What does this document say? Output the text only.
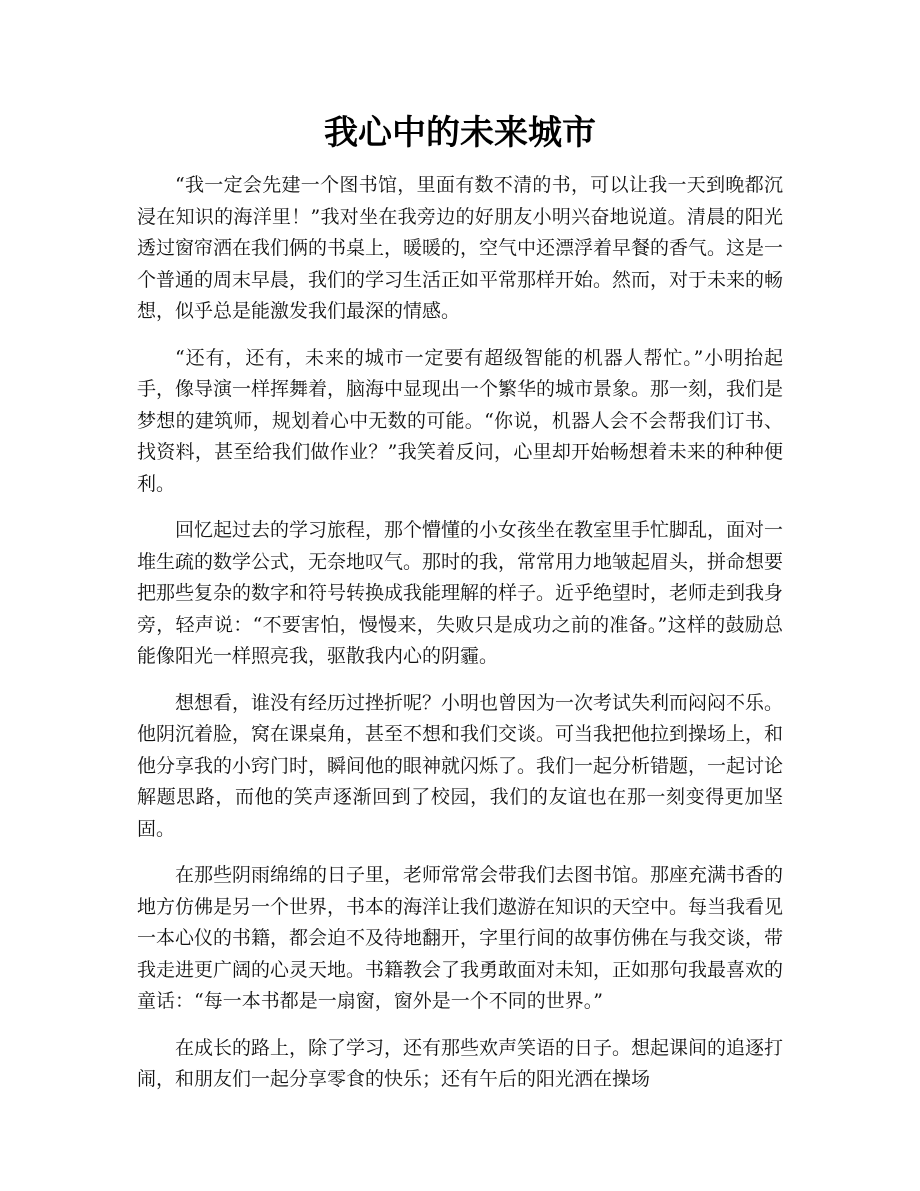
我心中的未来城市

“我一定会先建一个图书馆，里面有数不清的书，可以让我一天到晚都沉浸在知识的海洋里！”我对坐在我旁边的好朋友小明兴奋地说道。清晨的阳光透过窗帘洒在我们俩的书桌上，暖暖的，空气中还漂浮着早餐的香气。这是一个普通的周末早晨，我们的学习生活正如平常那样开始。然而，对于未来的畅想，似乎总是能激发我们最深的情感。

“还有，还有，未来的城市一定要有超级智能的机器人帮忙。”小明抬起手，像导演一样挥舞着，脑海中显现出一个繁华的城市景象。那一刻，我们是梦想的建筑师，规划着心中无数的可能。“你说，机器人会不会帮我们订书、找资料，甚至给我们做作业？”我笑着反问，心里却开始畅想着未来的种种便利。

回忆起过去的学习旅程，那个懵懂的小女孩坐在教室里手忙脚乱，面对一堆生疏的数学公式，无奈地叹气。那时的我，常常用力地皱起眉头，拼命想要把那些复杂的数字和符号转换成我能理解的样子。近乎绝望时，老师走到我身旁，轻声说：“不要害怕，慢慢来，失败只是成功之前的准备。”这样的鼓励总能像阳光一样照亮我，驱散我内心的阴霾。

想想看，谁没有经历过挫折呢？小明也曾因为一次考试失利而闷闷不乐。他阴沉着脸，窝在课桌角，甚至不想和我们交谈。可当我把他拉到操场上，和他分享我的小窍门时，瞬间他的眼神就闪烁了。我们一起分析错题，一起讨论解题思路，而他的笑声逐渐回到了校园，我们的友谊也在那一刻变得更加坚固。

在那些阴雨绵绵的日子里，老师常常会带我们去图书馆。那座充满书香的地方仿佛是另一个世界，书本的海洋让我们遨游在知识的天空中。每当我看见一本心仪的书籍，都会迫不及待地翻开，字里行间的故事仿佛在与我交谈，带我走进更广阔的心灵天地。书籍教会了我勇敢面对未知，正如那句我最喜欢的童话：“每一本书都是一扇窗，窗外是一个不同的世界。”

在成长的路上，除了学习，还有那些欢声笑语的日子。想起课间的追逐打闹，和朋友们一起分享零食的快乐；还有午后的阳光洒在操场
